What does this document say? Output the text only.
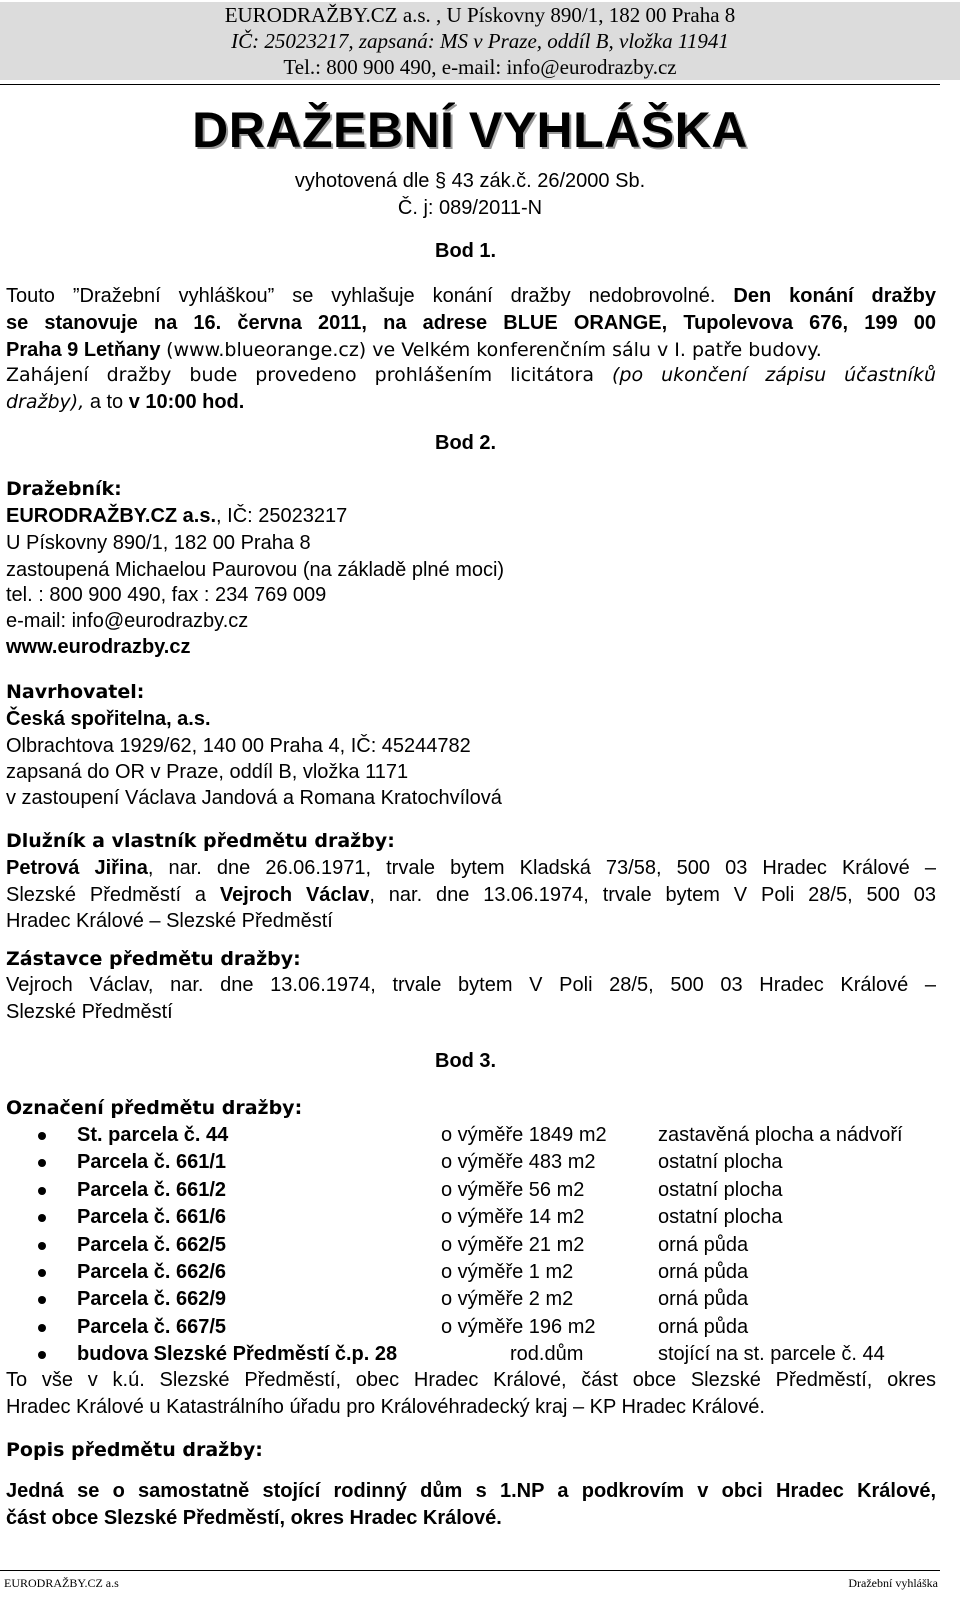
EURODRAŽBY.CZ a.s. , U Pískovny 890/1, 182 00 Praha 8
IČ: 25023217, zapsaná: MS v Praze, oddíl B, vložka 11941
Tel.: 800 900 490, e-mail: info@eurodrazby.cz
DRAŽEBNÍ VYHLÁŠKA
vyhotovená dle § 43 zák.č. 26/2000 Sb.
Č. j: 089/2011-N
Bod 1.
Touto ”Dražební vyhláškou” se vyhlašuje konání dražby nedobrovolné. Den konání dražby
se stanovuje na 16. června 2011, na adrese BLUE ORANGE, Tupolevova 676, 199 00
Praha 9 Letňany (www.blueorange.cz) ve Velkém konferenčním sálu v I. patře budovy.
Zahájení dražby bude provedeno prohlášením licitátora (po ukončení zápisu účastníků
dražby), a to v 10:00 hod.
Bod 2.
Dražebník:
EURODRAŽBY.CZ a.s., IČ: 25023217
U Pískovny 890/1, 182 00 Praha 8
zastoupená Michaelou Paurovou (na základě plné moci)
tel. : 800 900 490, fax : 234 769 009
e-mail: info@eurodrazby.cz
www.eurodrazby.cz
Navrhovatel:
Česká spořitelna, a.s.
Olbrachtova 1929/62, 140 00 Praha 4, IČ: 45244782
zapsaná do OR v Praze, oddíl B, vložka 1171
v zastoupení Václava Jandová a Romana Kratochvílová
Dlužník a vlastník předmětu dražby:
Petrová Jiřina, nar. dne 26.06.1971, trvale bytem Kladská 73/58, 500 03 Hradec Králové –
Slezské Předměstí a Vejroch Václav, nar. dne 13.06.1974, trvale bytem V Poli 28/5, 500 03
Hradec Králové – Slezské Předměstí
Zástavce předmětu dražby:
Vejroch Václav, nar. dne 13.06.1974, trvale bytem V Poli 28/5, 500 03 Hradec Králové –
Slezské Předměstí
Bod 3.
Označení předmětu dražby:
St. parcela č. 44	o výměře 1849 m2	zastavěná plocha a nádvoří
Parcela č. 661/1	o výměře 483 m2	ostatní plocha
Parcela č. 661/2	o výměře 56 m2	ostatní plocha
Parcela č. 661/6	o výměře 14 m2	ostatní plocha
Parcela č. 662/5	o výměře 21 m2	orná půda
Parcela č. 662/6	o výměře 1 m2	orná půda
Parcela č. 662/9	o výměře 2 m2	orná půda
Parcela č. 667/5	o výměře 196 m2	orná půda
budova Slezské Předměstí č.p. 28	rod.dům	stojící na st. parcele č. 44
To vše v k.ú. Slezské Předměstí, obec Hradec Králové, část obce Slezské Předměstí, okres
Hradec Králové u Katastrálního úřadu pro Královéhradecký kraj – KP Hradec Králové.
Popis předmětu dražby:
Jedná se o samostatně stojící rodinný dům s 1.NP a podkrovím v obci Hradec Králové,
část obce Slezské Předměstí, okres Hradec Králové.
EURODRAŽBY.CZ a.s	Dražební vyhláška
